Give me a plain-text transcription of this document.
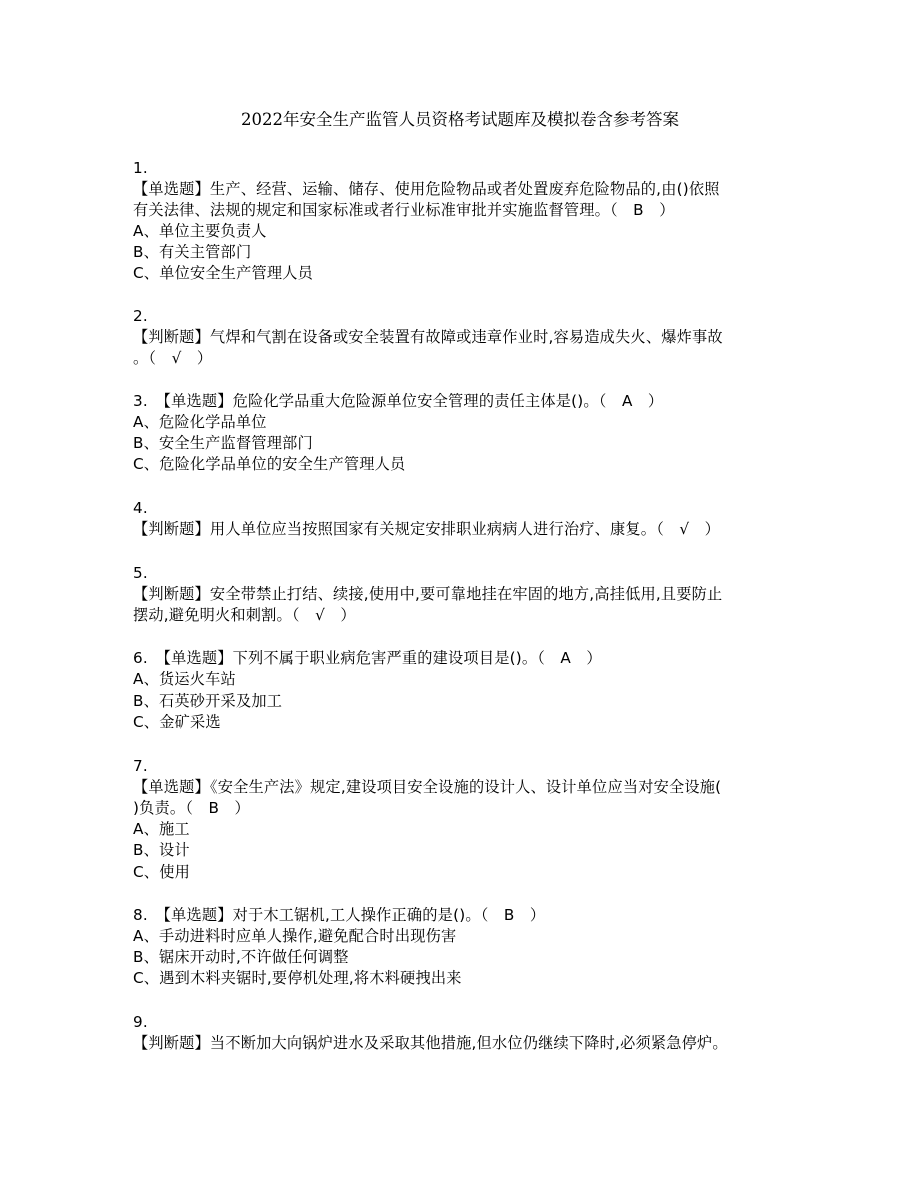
2022年安全生产监管人员资格考试题库及模拟卷含参考答案
1.
【单选题】生产、经营、运输、储存、使用危险物品或者处置废弃危险物品的,由()依照
有关法律、法规的规定和国家标准或者行业标准审批并实施监督管理。（　B　）
A、单位主要负责人
B、有关主管部门
C、单位安全生产管理人员
2.
【判断题】气焊和气割在设备或安全装置有故障或违章作业时,容易造成失火、爆炸事故
。（　√　）
3.　【单选题】危险化学品重大危险源单位安全管理的责任主体是()。（　A　）
A、危险化学品单位
B、安全生产监督管理部门
C、危险化学品单位的安全生产管理人员
4.
【判断题】用人单位应当按照国家有关规定安排职业病病人进行治疗、康复。（　√　）
5.
【判断题】安全带禁止打结、续接,使用中,要可靠地挂在牢固的地方,高挂低用,且要防止
摆动,避免明火和刺割。（　√　）
6.　【单选题】下列不属于职业病危害严重的建设项目是()。（　A　）
A、货运火车站
B、石英砂开采及加工
C、金矿采选
7.
【单选题】《安全生产法》规定,建设项目安全设施的设计人、设计单位应当对安全设施(
)负责。（　B　）
A、施工
B、设计
C、使用
8.　【单选题】对于木工锯机,工人操作正确的是()。（　B　）
A、手动进料时应单人操作,避免配合时出现伤害
B、锯床开动时,不许做任何调整
C、遇到木料夹锯时,要停机处理,将木料硬拽出来
9.
【判断题】当不断加大向锅炉进水及采取其他措施,但水位仍继续下降时,必须紧急停炉。
